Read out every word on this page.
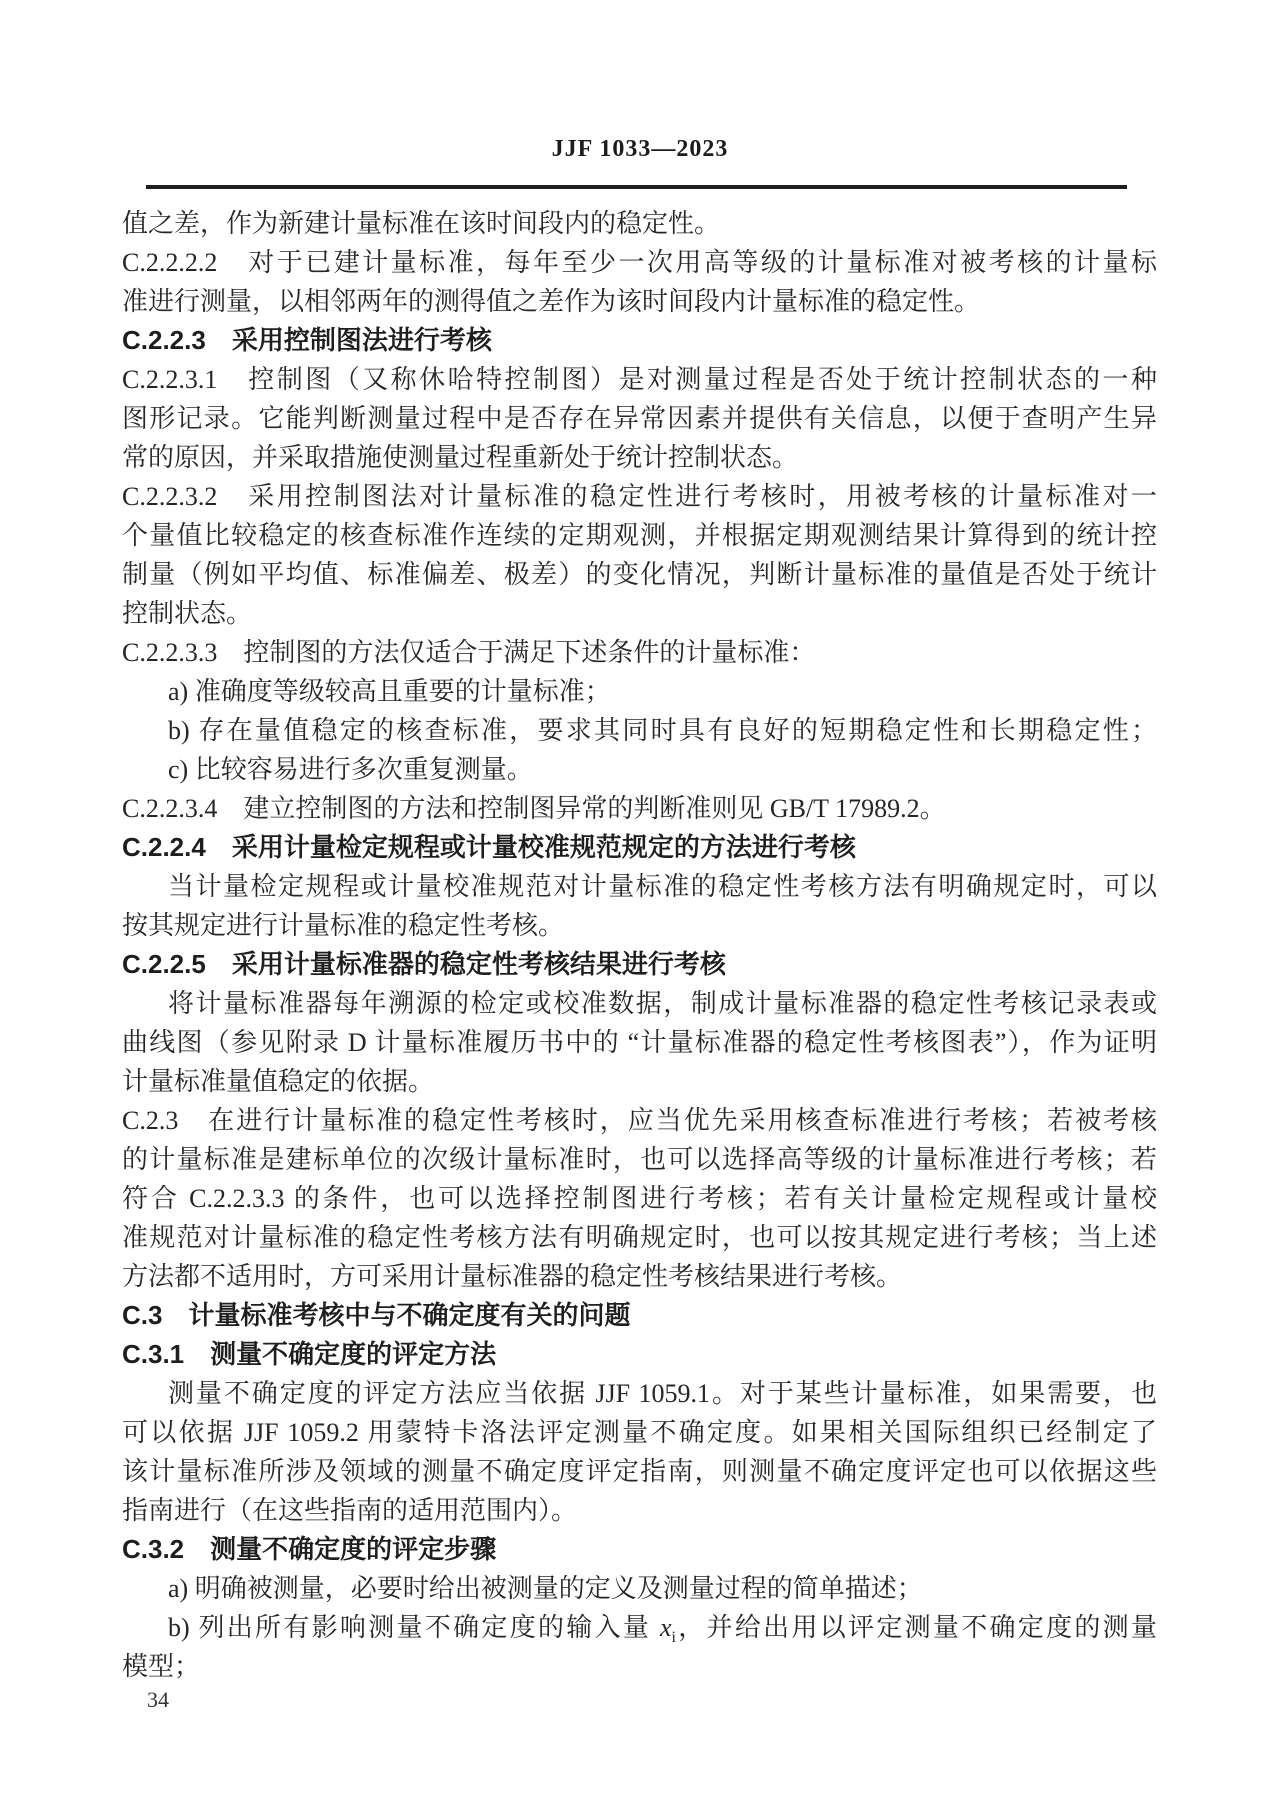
JJF 1033—2023
值之差，作为新建计量标准在该时间段内的稳定性。
C.2.2.2.2　对于已建计量标准，每年至少一次用高等级的计量标准对被考核的计量标
准进行测量，以相邻两年的测得值之差作为该时间段内计量标准的稳定性。
C.2.2.3　采用控制图法进行考核
C.2.2.3.1　控制图（又称休哈特控制图）是对测量过程是否处于统计控制状态的一种
图形记录。它能判断测量过程中是否存在异常因素并提供有关信息，以便于查明产生异
常的原因，并采取措施使测量过程重新处于统计控制状态。
C.2.2.3.2　采用控制图法对计量标准的稳定性进行考核时，用被考核的计量标准对一
个量值比较稳定的核查标准作连续的定期观测，并根据定期观测结果计算得到的统计控
制量（例如平均值、标准偏差、极差）的变化情况，判断计量标准的量值是否处于统计
控制状态。
C.2.2.3.3　控制图的方法仅适合于满足下述条件的计量标准：
a) 准确度等级较高且重要的计量标准；
b) 存在量值稳定的核查标准，要求其同时具有良好的短期稳定性和长期稳定性；
c) 比较容易进行多次重复测量。
C.2.2.3.4　建立控制图的方法和控制图异常的判断准则见 GB/T 17989.2。
C.2.2.4　采用计量检定规程或计量校准规范规定的方法进行考核
当计量检定规程或计量校准规范对计量标准的稳定性考核方法有明确规定时，可以
按其规定进行计量标准的稳定性考核。
C.2.2.5　采用计量标准器的稳定性考核结果进行考核
将计量标准器每年溯源的检定或校准数据，制成计量标准器的稳定性考核记录表或
曲线图（参见附录 D 计量标准履历书中的 “计量标准器的稳定性考核图表”），作为证明
计量标准量值稳定的依据。
C.2.3　在进行计量标准的稳定性考核时，应当优先采用核查标准进行考核；若被考核
的计量标准是建标单位的次级计量标准时，也可以选择高等级的计量标准进行考核；若
符合 C.2.2.3.3 的条件，也可以选择控制图进行考核；若有关计量检定规程或计量校
准规范对计量标准的稳定性考核方法有明确规定时，也可以按其规定进行考核；当上述
方法都不适用时，方可采用计量标准器的稳定性考核结果进行考核。
C.3　计量标准考核中与不确定度有关的问题
C.3.1　测量不确定度的评定方法
测量不确定度的评定方法应当依据 JJF 1059.1。对于某些计量标准，如果需要，也
可以依据 JJF 1059.2 用蒙特卡洛法评定测量不确定度。如果相关国际组织已经制定了
该计量标准所涉及领域的测量不确定度评定指南，则测量不确定度评定也可以依据这些
指南进行（在这些指南的适用范围内）。
C.3.2　测量不确定度的评定步骤
a) 明确被测量，必要时给出被测量的定义及测量过程的简单描述；
b) 列出所有影响测量不确定度的输入量 $x_i$，并给出用以评定测量不确定度的测量
模型；
34
